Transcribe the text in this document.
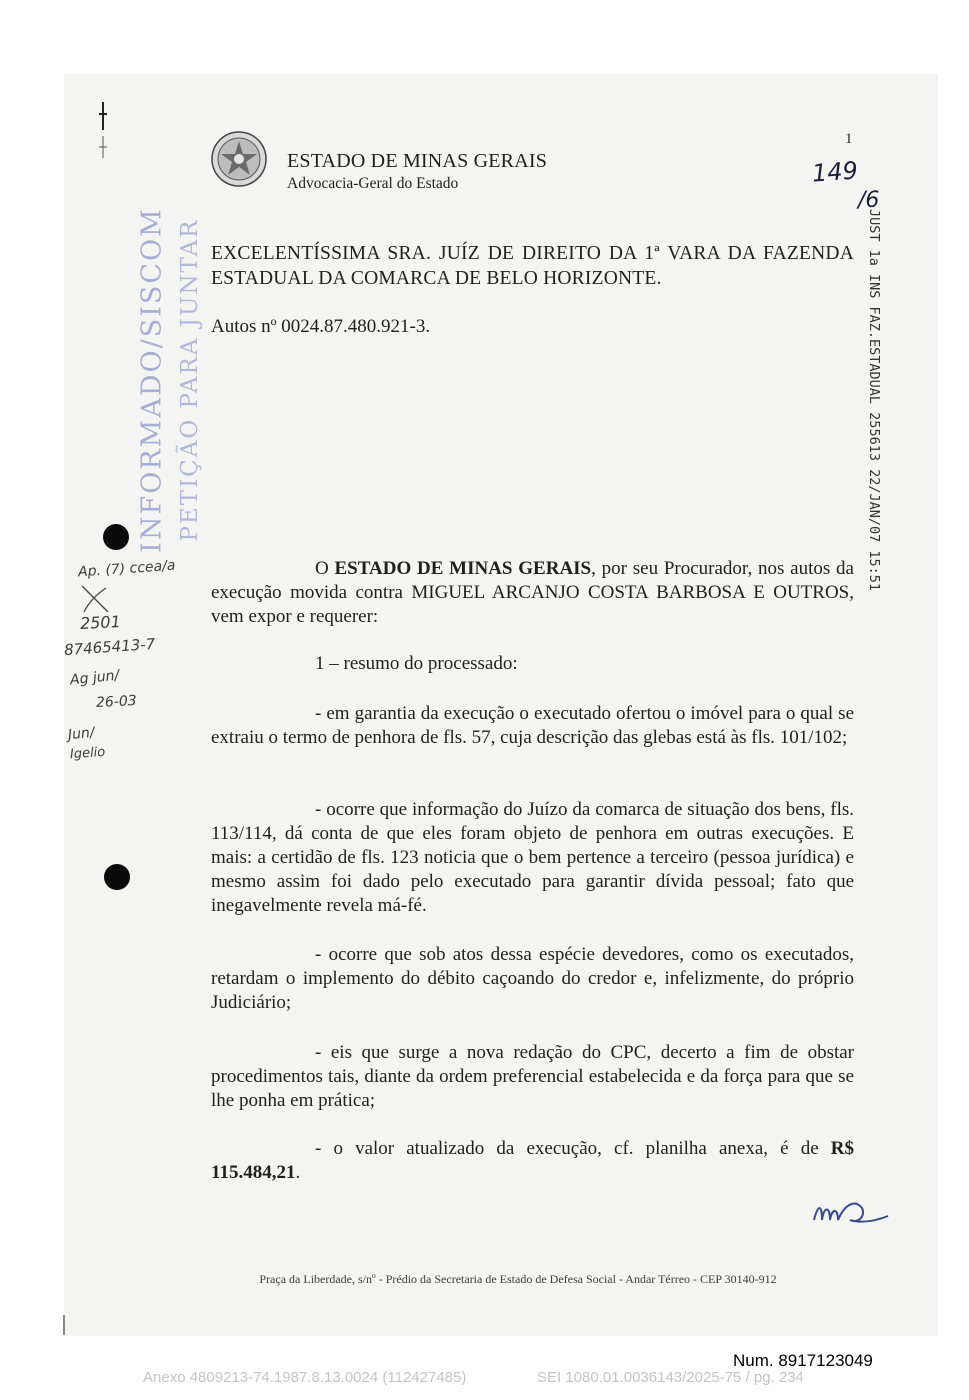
ESTADO DE MINAS GERAIS
Advocacia-Geral do Estado
1
149
/6
INFORMADO/SISCOM PETIÇÃO PARA JUNTAR	JUST 1a INS FAZ.ESTADUAL 255613 22/JAN/07 15:51
EXCELENTÍSSIMA SRA. JUÍZ DE DIREITO DA 1ª VARA DA FAZENDA ESTADUAL DA COMARCA DE BELO HORIZONTE.
Autos nº 0024.87.480.921-3.
Ap. (7) ccea/a
2501
87465413-7
Ag jun/
26-03
Jun/
Igelio
O ESTADO DE MINAS GERAIS, por seu Procurador, nos autos da execução movida contra MIGUEL ARCANJO COSTA BARBOSA E OUTROS, vem expor e requerer:
1 – resumo do processado:
- em garantia da execução o executado ofertou o imóvel para o qual se extraiu o termo de penhora de fls. 57, cuja descrição das glebas está às fls. 101/102;
- ocorre que informação do Juízo da comarca de situação dos bens, fls. 113/114, dá conta de que eles foram objeto de penhora em outras execuções. E mais: a certidão de fls. 123 noticia que o bem pertence a terceiro (pessoa jurídica) e mesmo assim foi dado pelo executado para garantir dívida pessoal; fato que inegavelmente revela má-fé.
- ocorre que sob atos dessa espécie devedores, como os executados, retardam o implemento do débito caçoando do credor e, infelizmente, do próprio Judiciário;
- eis que surge a nova redação do CPC, decerto a fim de obstar procedimentos tais, diante da ordem preferencial estabelecida e da força para que se lhe ponha em prática;
- o valor atualizado da execução, cf. planilha anexa, é de R$ 115.484,21.
Praça da Liberdade, s/nº - Prédio da Secretaria de Estado de Defesa Social - Andar Térreo - CEP 30140-912
Num. 8917123049
Anexo 4809213-74.1987.8.13.0024 (112427485)	SEI 1080.01.0036143/2025-75 / pg. 234
